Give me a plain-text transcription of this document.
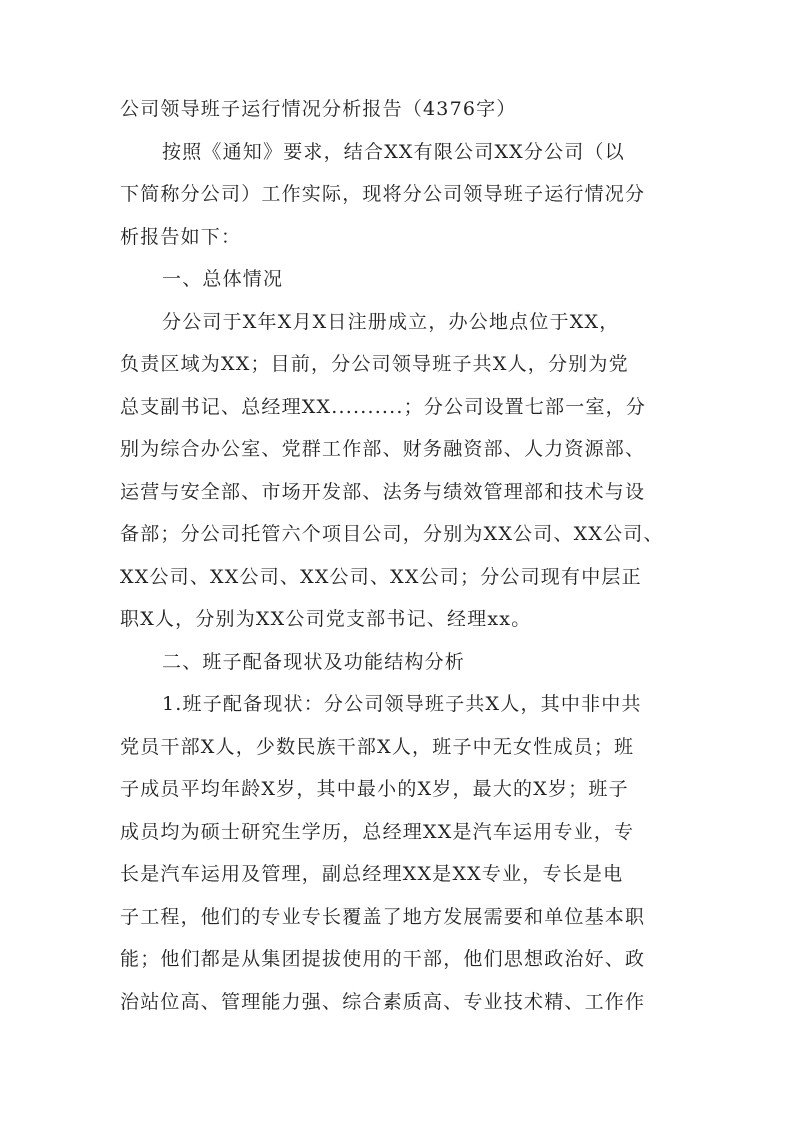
公司领导班子运行情况分析报告（4376字）
按照《通知》要求，结合XX有限公司XX分公司（以
下简称分公司）工作实际，现将分公司领导班子运行情况分
析报告如下：
一、总体情况
分公司于X年X月X日注册成立，办公地点位于XX，
负责区域为XX；目前，分公司领导班子共X人，分别为党
总支副书记、总经理XX..........；分公司设置七部一室，分
别为综合办公室、党群工作部、财务融资部、人力资源部、
运营与安全部、市场开发部、法务与绩效管理部和技术与设
备部；分公司托管六个项目公司，分别为XX公司、XX公司、
XX公司、XX公司、XX公司、XX公司；分公司现有中层正
职X人，分别为XX公司党支部书记、经理xx。
二、班子配备现状及功能结构分析
1.班子配备现状：分公司领导班子共X人，其中非中共
党员干部X人，少数民族干部X人，班子中无女性成员；班
子成员平均年龄X岁，其中最小的X岁，最大的X岁；班子
成员均为硕士研究生学历，总经理XX是汽车运用专业，专
长是汽车运用及管理，副总经理XX是XX专业，专长是电
子工程，他们的专业专长覆盖了地方发展需要和单位基本职
能；他们都是从集团提拔使用的干部，他们思想政治好、政
治站位高、管理能力强、综合素质高、专业技术精、工作作
